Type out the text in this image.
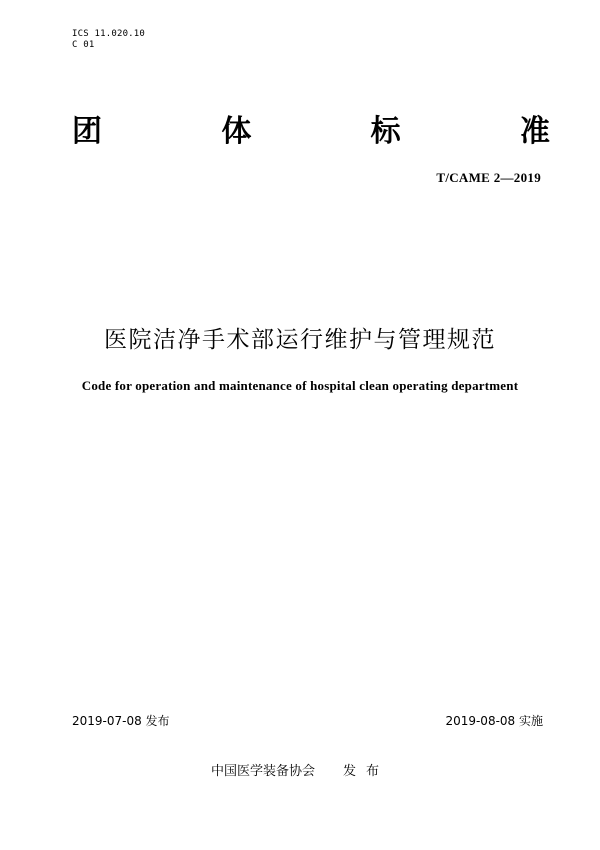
ICS 11.020.10
C 01
团	体	标	准
T/CAME 2—2019
医院洁净手术部运行维护与管理规范
Code for operation and maintenance of hospital clean operating department
2019-07-08 发布	2019-08-08 实施
中国医学装备协会 发布
